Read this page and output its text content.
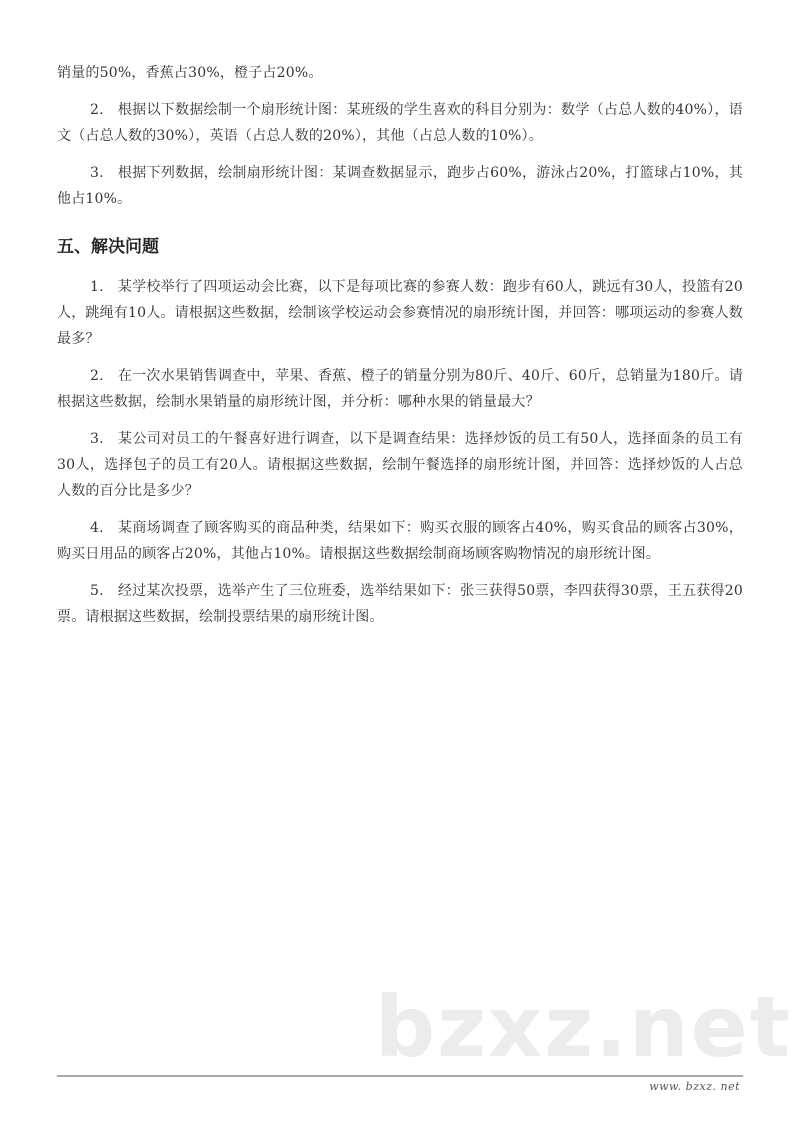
销量的50%，香蕉占30%，橙子占20%。

2. 根据以下数据绘制一个扇形统计图：某班级的学生喜欢的科目分别为：数学（占总人数的40%），语文（占总人数的30%），英语（占总人数的20%），其他（占总人数的10%）。

3. 根据下列数据，绘制扇形统计图：某调查数据显示，跑步占60%，游泳占20%，打篮球占10%，其他占10%。

五、解决问题

1. 某学校举行了四项运动会比赛，以下是每项比赛的参赛人数：跑步有60人，跳远有30人，投篮有20人，跳绳有10人。请根据这些数据，绘制该学校运动会参赛情况的扇形统计图，并回答：哪项运动的参赛人数最多？

2. 在一次水果销售调查中，苹果、香蕉、橙子的销量分别为80斤、40斤、60斤，总销量为180斤。请根据这些数据，绘制水果销量的扇形统计图，并分析：哪种水果的销量最大？

3. 某公司对员工的午餐喜好进行调查，以下是调查结果：选择炒饭的员工有50人，选择面条的员工有30人，选择包子的员工有20人。请根据这些数据，绘制午餐选择的扇形统计图，并回答：选择炒饭的人占总人数的百分比是多少？

4. 某商场调查了顾客购买的商品种类，结果如下：购买衣服的顾客占40%，购买食品的顾客占30%，购买日用品的顾客占20%，其他占10%。请根据这些数据绘制商场顾客购物情况的扇形统计图。

5. 经过某次投票，选举产生了三位班委，选举结果如下：张三获得50票，李四获得30票，王五获得20票。请根据这些数据，绘制投票结果的扇形统计图。

bzxz.net
www. bzxz. net
